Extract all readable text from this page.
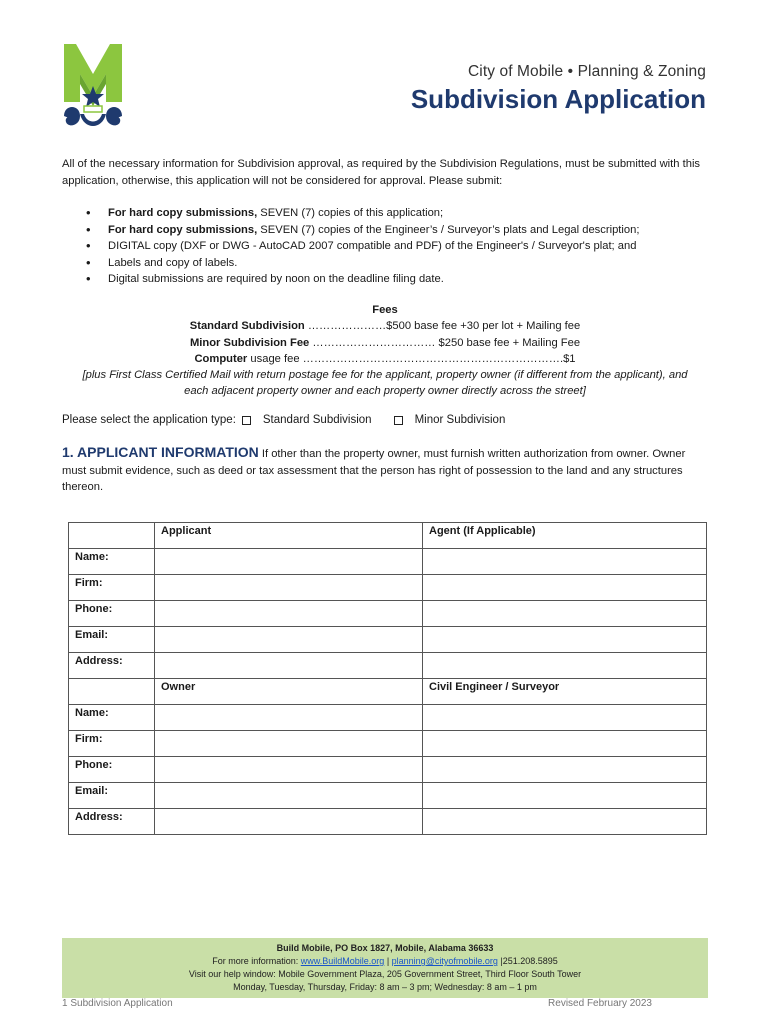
City of Mobile • Planning & Zoning
Subdivision Application

All of the necessary information for Subdivision approval, as required by the Subdivision Regulations, must be submitted with this application, otherwise, this application will not be considered for approval. Please submit:

• For hard copy submissions, SEVEN (7) copies of this application;
• For hard copy submissions, SEVEN (7) copies of the Engineer’s / Surveyor’s plats and Legal description;
• DIGITAL copy (DXF or DWG - AutoCAD 2007 compatible and PDF) of the Engineer's / Surveyor's plat; and
• Labels and copy of labels.
• Digital submissions are required by noon on the deadline filing date.
Fees
Standard Subdivision …………………$500 base fee +30 per lot + Mailing fee
Minor Subdivision Fee …………………………… $250 base fee + Mailing Fee
Computer usage fee …………………………………………………………….$1
[plus First Class Certified Mail with return postage fee for the applicant, property owner (if different from the applicant), and
each adjacent property owner and each property owner directly across the street]
Please select the application type: Standard Subdivision	Minor Subdivision

1. APPLICANT INFORMATION If other than the property owner, must furnish written authorization from owner. Owner must submit evidence, such as deed or tax assessment that the person has right of possession to the land and any structures thereon.

	Applicant	Agent (If Applicable)
Name:		
Firm:		
Phone:		
Email:		
Address:		
	Owner	Civil Engineer / Surveyor
Name:		
Firm:		
Phone:		
Email:		
Address:		
Build Mobile, PO Box 1827, Mobile, Alabama 36633
For more information: www.BuildMobile.org | planning@cityofmobile.org |251.208.5895
Visit our help window: Mobile Government Plaza, 205 Government Street, Third Floor South Tower
Monday, Tuesday, Thursday, Friday: 8 am – 3 pm; Wednesday: 8 am – 1 pm
1 Subdivision Application	Revised February 2023
